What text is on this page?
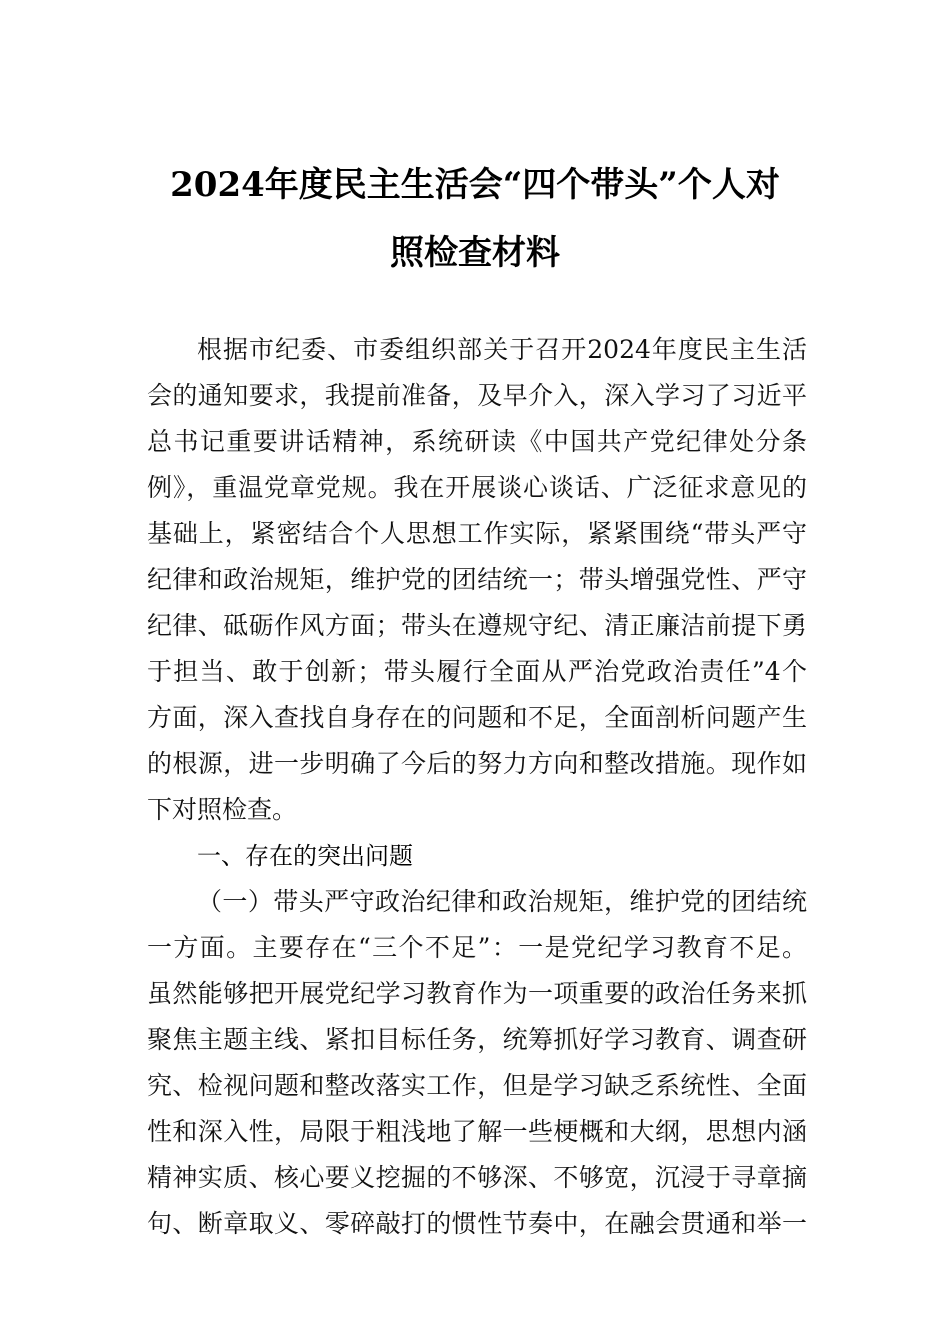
2024年度民主生活会“四个带头”个人对
照检查材料
根据市纪委、市委组织部关于召开2024年度民主生活
会的通知要求，我提前准备，及早介入，深入学习了习近平
总书记重要讲话精神，系统研读《中国共产党纪律处分条
例》，重温党章党规。我在开展谈心谈话、广泛征求意见的
基础上，紧密结合个人思想工作实际，紧紧围绕“带头严守
纪律和政治规矩，维护党的团结统一；带头增强党性、严守
纪律、砥砺作风方面；带头在遵规守纪、清正廉洁前提下勇
于担当、敢于创新；带头履行全面从严治党政治责任”4个
方面，深入查找自身存在的问题和不足，全面剖析问题产生
的根源，进一步明确了今后的努力方向和整改措施。现作如
下对照检查。
一、存在的突出问题
（一）带头严守政治纪律和政治规矩，维护党的团结统
一方面。主要存在“三个不足”：一是党纪学习教育不足。
虽然能够把开展党纪学习教育作为一项重要的政治任务来抓
聚焦主题主线、紧扣目标任务，统筹抓好学习教育、调查研
究、检视问题和整改落实工作，但是学习缺乏系统性、全面
性和深入性，局限于粗浅地了解一些梗概和大纲，思想内涵
精神实质、核心要义挖掘的不够深、不够宽，沉浸于寻章摘
句、断章取义、零碎敲打的惯性节奏中，在融会贯通和举一
